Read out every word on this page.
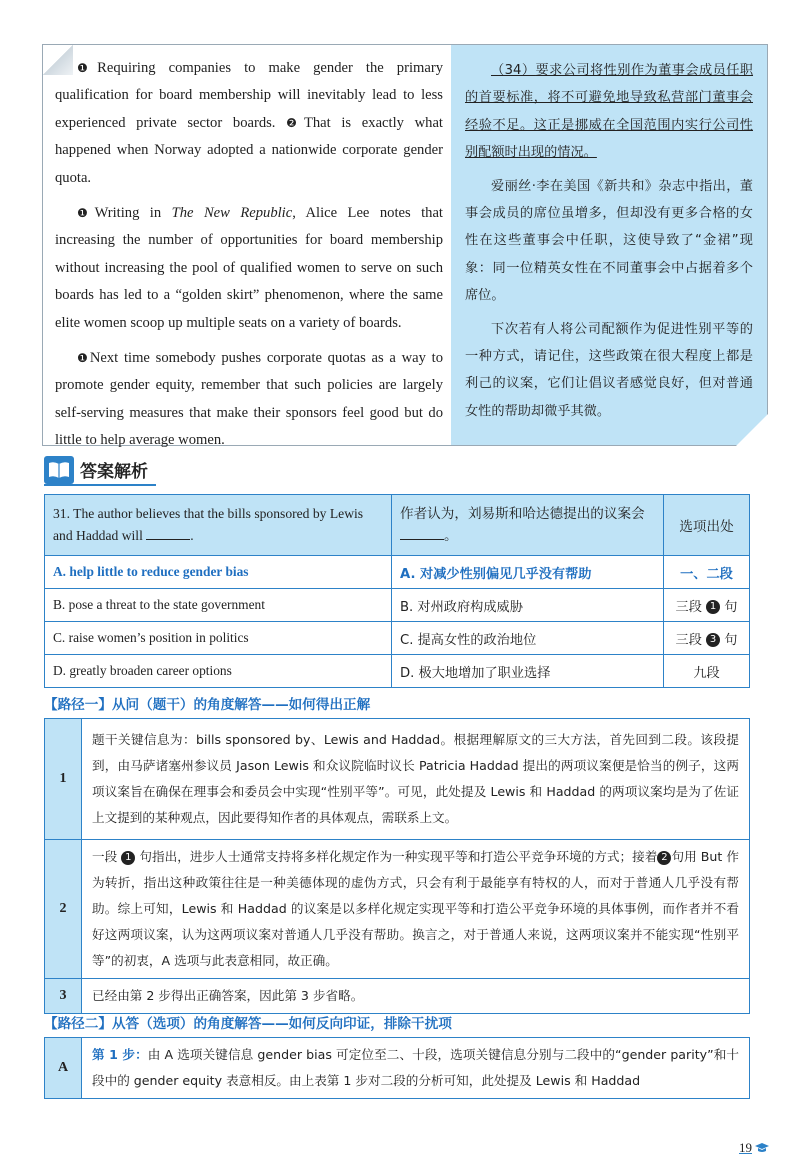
❶Requiring companies to make gender the primary qualification for board membership will inevitably lead to less experienced private sector boards. ❷That is exactly what happened when Norway adopted a nationwide corporate gender quota.

❶Writing in The New Republic, Alice Lee notes that increasing the number of opportunities for board membership without increasing the pool of qualified women to serve on such boards has led to a “golden skirt” phenomenon, where the same elite women scoop up multiple seats on a variety of boards.

❶Next time somebody pushes corporate quotas as a way to promote gender equity, remember that such policies are largely self-serving measures that make their sponsors feel good but do little to help average women.

（34）要求公司将性别作为董事会成员任职的首要标准，将不可避免地导致私营部门董事会经验不足。这正是挪威在全国范围内实行公司性别配额时出现的情况。

爱丽丝·李在美国《新共和》杂志中指出，董事会成员的席位虽增多，但却没有更多合格的女性在这些董事会中任职，这使导致了“金裙”现象：同一位精英女性在不同董事会中占据着多个席位。

下次若有人将公司配额作为促进性别平等的一种方式，请记住，这些政策在很大程度上都是利己的议案，它们让倡议者感觉良好，但对普通女性的帮助却微乎其微。

答案解析
31. The author believes that the bills sponsored by Lewis and Haddad will .	作者认为，刘易斯和哈达德提出的议案会。	选项出处
A. help little to reduce gender bias	A. 对减少性别偏见几乎没有帮助	一、二段
B. pose a threat to the state government	B. 对州政府构成威胁	三段 1 句
C. raise women’s position in politics	C. 提高女性的政治地位	三段 3 句
D. greatly broaden career options	D. 极大地增加了职业选择	九段
【路径一】从问（题干）的角度解答——如何得出正解
1	题干关键信息为：bills sponsored by、Lewis and Haddad。根据理解原文的三大方法，首先回到二段。该段提到，由马萨诸塞州参议员 Jason Lewis 和众议院临时议长 Patricia Haddad 提出的两项议案便是恰当的例子，这两项议案旨在确保在理事会和委员会中实现“性别平等”。可见，此处提及 Lewis 和 Haddad 的两项议案均是为了佐证上文提到的某种观点，因此要得知作者的具体观点，需联系上文。
2	一段 1 句指出，进步人士通常支持将多样化规定作为一种实现平等和打造公平竞争环境的方式；接着 2 句用 But 作为转折，指出这种政策往往是一种美德体现的虚伪方式，只会有利于最能享有特权的人，而对于普通人几乎没有帮助。综上可知，Lewis 和 Haddad 的议案是以多样化规定实现平等和打造公平竞争环境的具体事例，而作者并不看好这两项议案，认为这两项议案对普通人几乎没有帮助。换言之，对于普通人来说，这两项议案并不能实现“性别平等”的初衷，A 选项与此表意相同，故正确。
3	已经由第 2 步得出正确答案，因此第 3 步省略。
【路径二】从答（选项）的角度解答——如何反向印证，排除干扰项
A	第 1 步：由 A 选项关键信息 gender bias 可定位至二、十段，选项关键信息分别与二段中的“gender parity”和十段中的 gender equity 表意相反。由上表第 1 步对二段的分析可知，此处提及 Lewis 和 Haddad
19
